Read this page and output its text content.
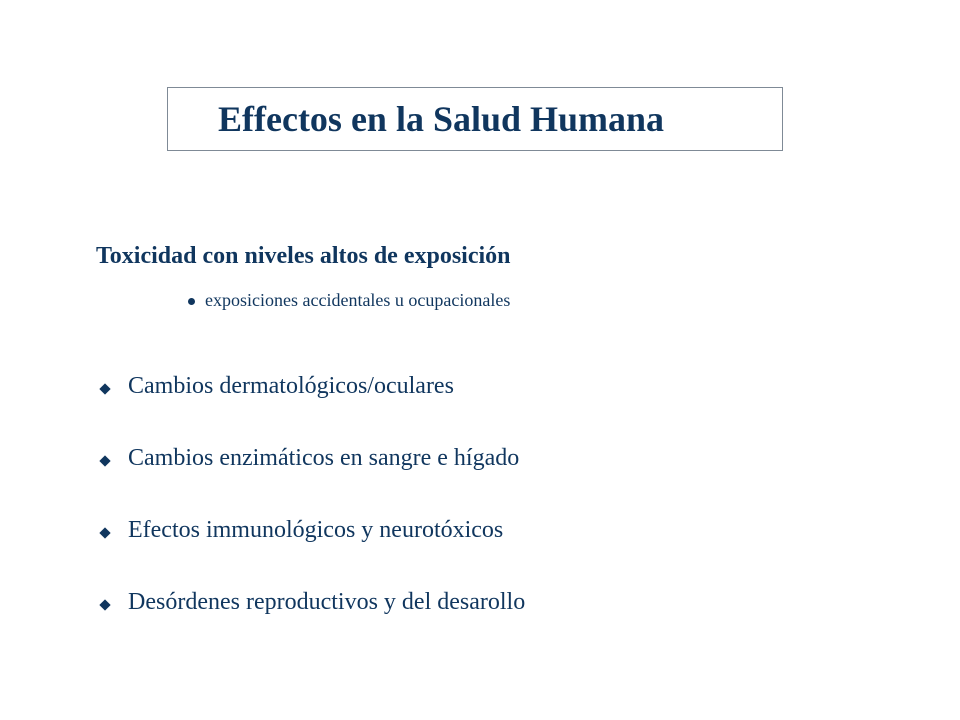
Effectos en la Salud Humana
Toxicidad con niveles altos de exposición
exposiciones accidentales u ocupacionales
Cambios dermatológicos/oculares
Cambios enzimáticos en sangre e hígado
Efectos immunológicos y neurotóxicos
Desórdenes reproductivos y del desarollo
